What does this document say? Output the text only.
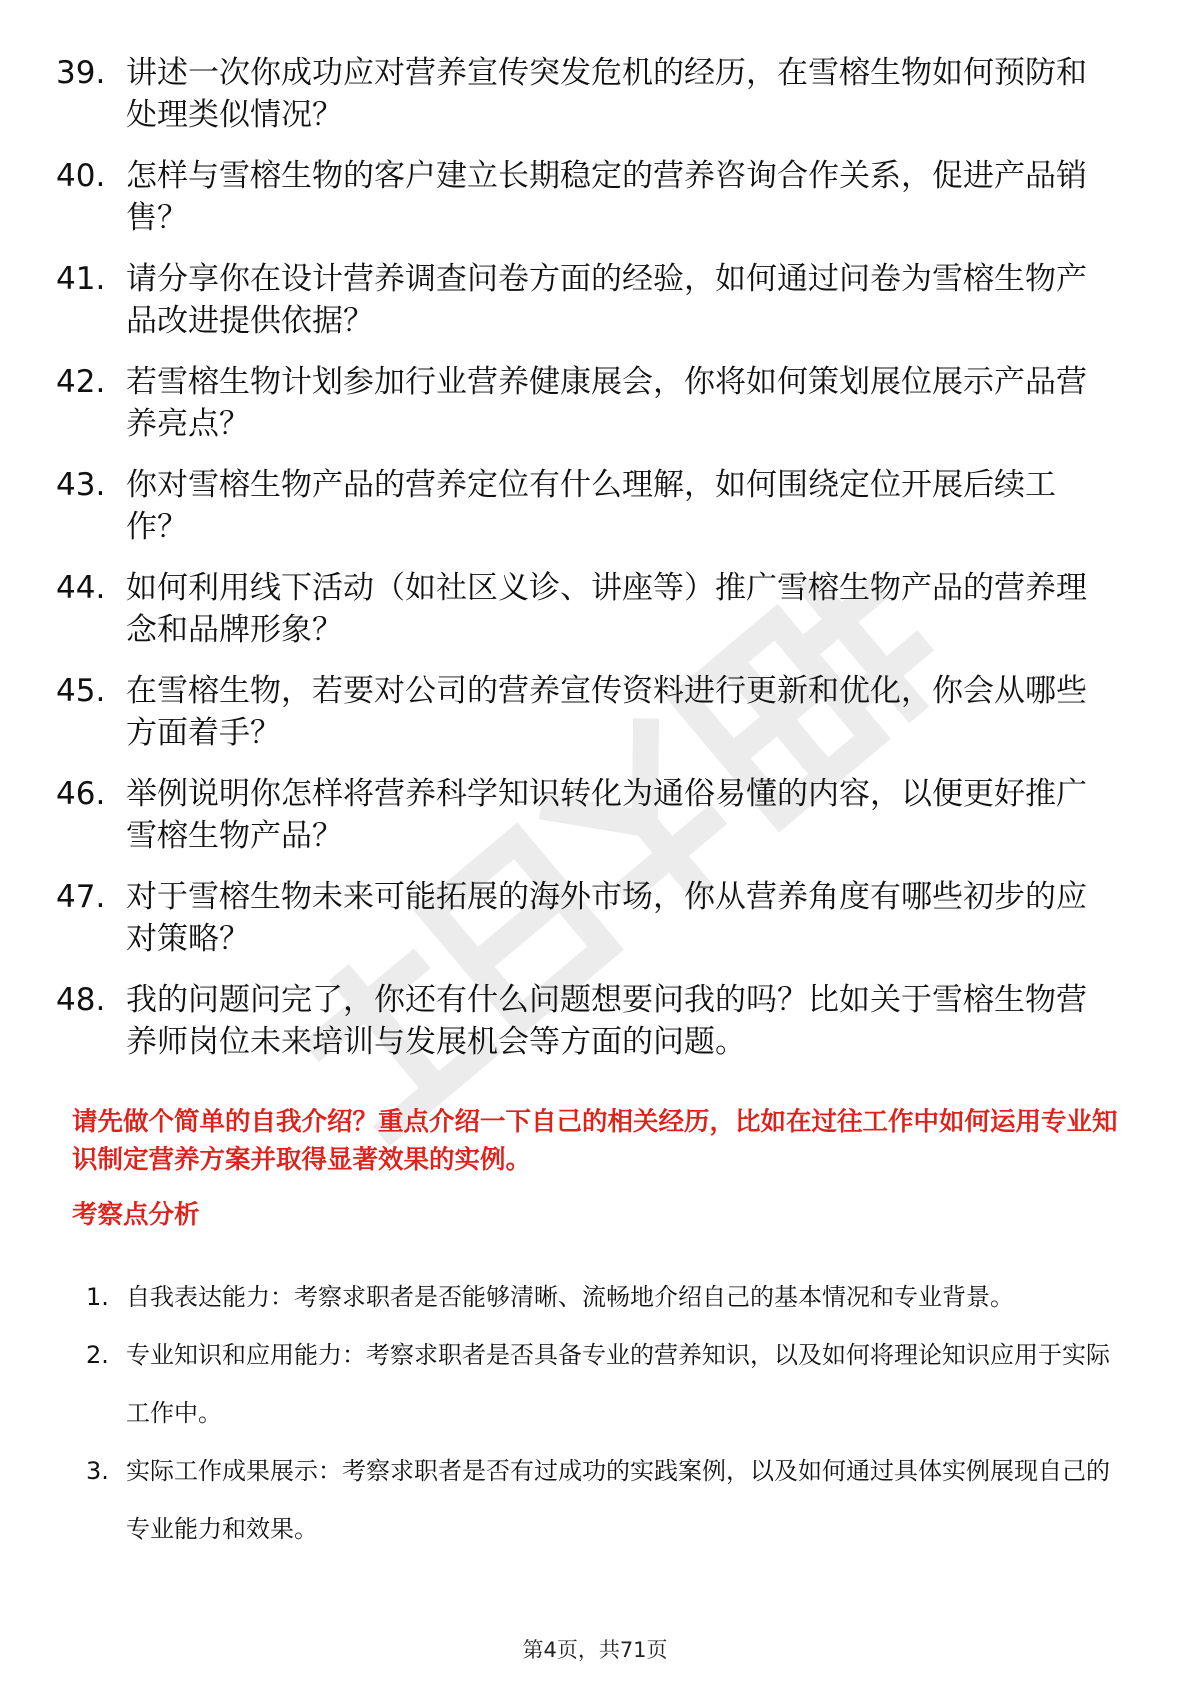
39. 讲述一次你成功应对营养宣传突发危机的经历，在雪榕生物如何预防和处理类似情况？
40. 怎样与雪榕生物的客户建立长期稳定的营养咨询合作关系，促进产品销售？
41. 请分享你在设计营养调查问卷方面的经验，如何通过问卷为雪榕生物产品改进提供依据？
42. 若雪榕生物计划参加行业营养健康展会，你将如何策划展位展示产品营养亮点？
43. 你对雪榕生物产品的营养定位有什么理解，如何围绕定位开展后续工作？
44. 如何利用线下活动（如社区义诊、讲座等）推广雪榕生物产品的营养理念和品牌形象？
45. 在雪榕生物，若要对公司的营养宣传资料进行更新和优化，你会从哪些方面着手？
46. 举例说明你怎样将营养科学知识转化为通俗易懂的内容，以便更好推广雪榕生物产品？
47. 对于雪榕生物未来可能拓展的海外市场，你从营养角度有哪些初步的应对策略？
48. 我的问题问完了，你还有什么问题想要问我的吗？比如关于雪榕生物营养师岗位未来培训与发展机会等方面的问题。
请先做个简单的自我介绍？重点介绍一下自己的相关经历，比如在过往工作中如何运用专业知识制定营养方案并取得显著效果的实例。
考察点分析
1. 自我表达能力：考察求职者是否能够清晰、流畅地介绍自己的基本情况和专业背景。
2. 专业知识和应用能力：考察求职者是否具备专业的营养知识，以及如何将理论知识应用于实际工作中。
3. 实际工作成果展示：考察求职者是否有过成功的实践案例，以及如何通过具体实例展现自己的专业能力和效果。
第4页，共71页
